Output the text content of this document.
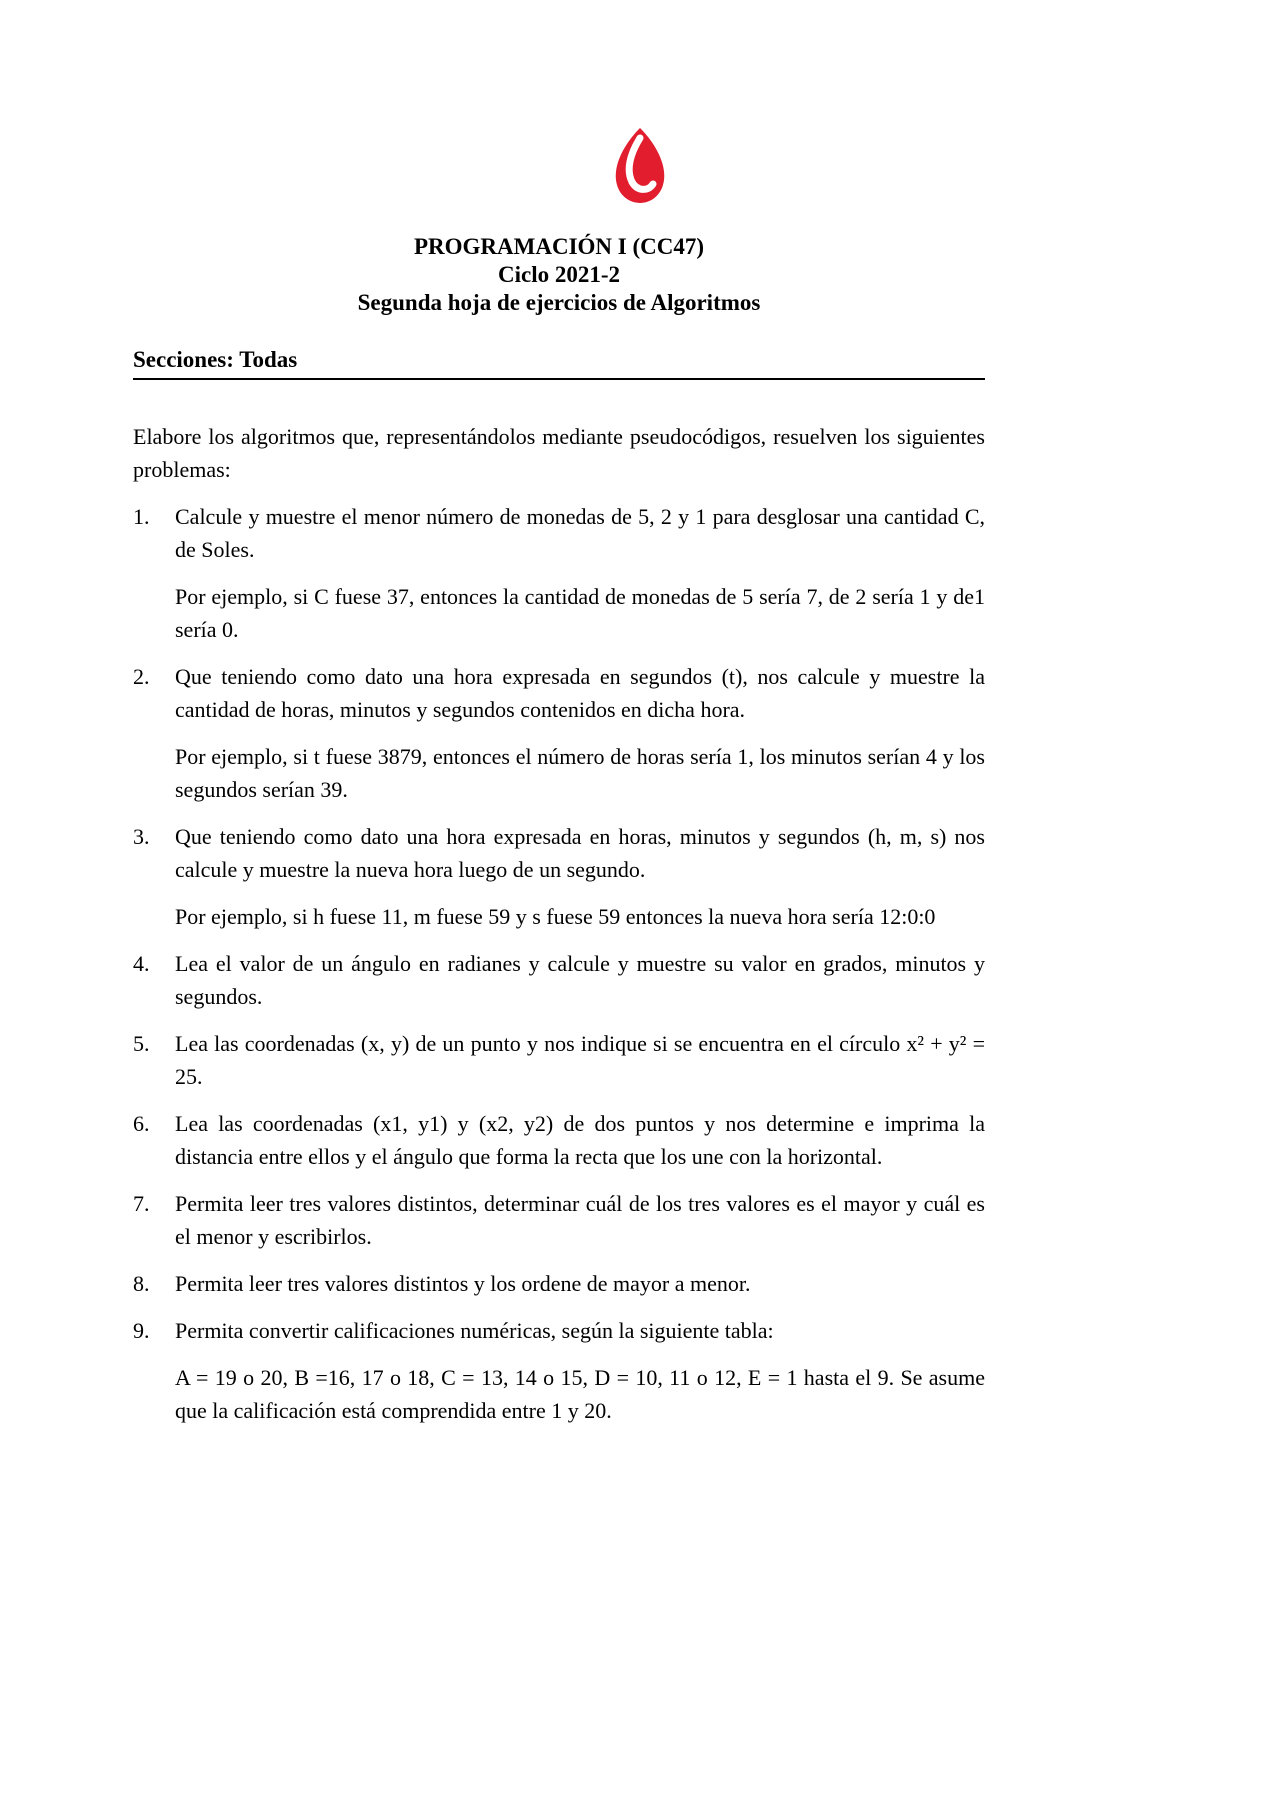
PROGRAMACIÓN I (CC47)
Ciclo 2021-2
Segunda hoja de ejercicios de Algoritmos
Secciones: Todas

Elabore los algoritmos que, representándolos mediante pseudocódigos, resuelven los siguientes problemas:

1.	Calcule y muestre el menor número de monedas de 5, 2 y 1 para desglosar una cantidad C, de Soles.

Por ejemplo, si C fuese 37, entonces la cantidad de monedas de 5 sería 7, de 2 sería 1 y de1 sería 0.

2.	Que teniendo como dato una hora expresada en segundos (t), nos calcule y muestre la cantidad de horas, minutos y segundos contenidos en dicha hora.

Por ejemplo, si t fuese 3879, entonces el número de horas sería 1, los minutos serían 4 y los segundos serían 39.

3.	Que teniendo como dato una hora expresada en horas, minutos y segundos (h, m, s) nos calcule y muestre la nueva hora luego de un segundo.

Por ejemplo, si h fuese 11, m fuese 59 y s fuese 59 entonces la nueva hora sería 12:0:0

4.	Lea el valor de un ángulo en radianes y calcule y muestre su valor en grados, minutos y segundos.

5.	Lea las coordenadas (x, y) de un punto y nos indique si se encuentra en el círculo x² + y² = 25.

6.	Lea las coordenadas (x1, y1) y (x2, y2) de dos puntos y nos determine e imprima la distancia entre ellos y el ángulo que forma la recta que los une con la horizontal.

7.	Permita leer tres valores distintos, determinar cuál de los tres valores es el mayor y cuál es el menor y escribirlos.

8.	Permita leer tres valores distintos y los ordene de mayor a menor.

9.	Permita convertir calificaciones numéricas, según la siguiente tabla:

A = 19 o 20, B =16, 17 o 18, C = 13, 14 o 15, D = 10, 11 o 12, E = 1 hasta el 9. Se asume que la calificación está comprendida entre 1 y 20.
